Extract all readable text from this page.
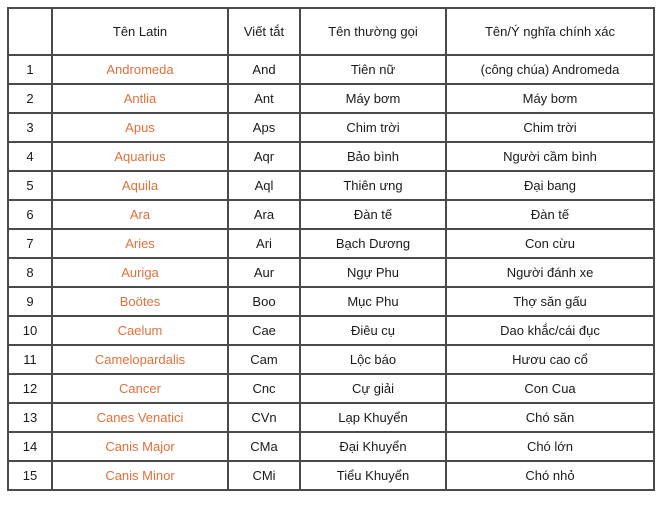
	Tên Latin	Viết tắt	Tên thường gọi	Tên/Ý nghĩa chính xác
1	Andromeda	And	Tiên nữ	(công chúa) Andromeda
2	Antlia	Ant	Máy bơm	Máy bơm
3	Apus	Aps	Chim trời	Chim trời
4	Aquarius	Aqr	Bảo bình	Người cầm bình
5	Aquila	Aql	Thiên ưng	Đại bang
6	Ara	Ara	Đàn tế	Đàn tế
7	Aries	Ari	Bạch Dương	Con cừu
8	Auriga	Aur	Ngự Phu	Người đánh xe
9	Boötes	Boo	Mục Phu	Thợ săn gấu
10	Caelum	Cae	Điêu cụ	Dao khắc/cái đục
11	Camelopardalis	Cam	Lộc báo	Hươu cao cổ
12	Cancer	Cnc	Cự giải	Con Cua
13	Canes Venatici	CVn	Lạp Khuyển	Chó săn
14	Canis Major	CMa	Đại Khuyển	Chó lớn
15	Canis Minor	CMi	Tiểu Khuyển	Chó nhỏ
